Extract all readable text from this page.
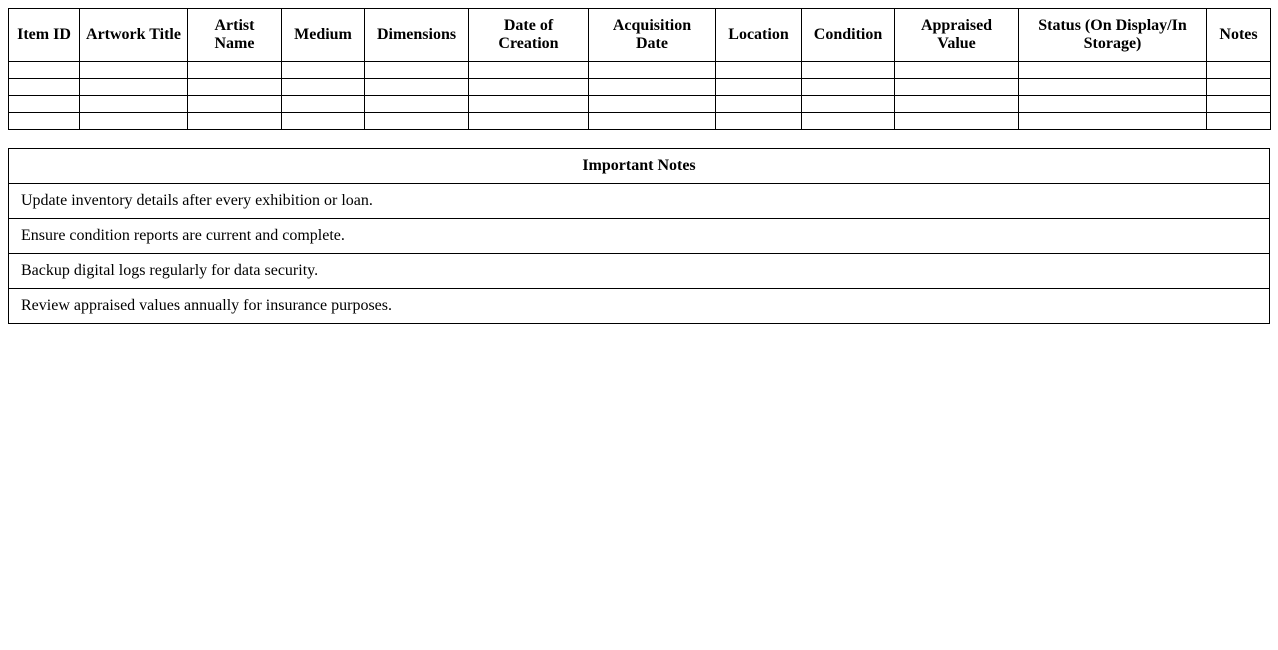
Item ID	Artwork Title	Artist Name	Medium	Dimensions	Date of Creation	Acquisition Date	Location	Condition	Appraised Value	Status (On Display/In Storage)	Notes

Important Notes
Update inventory details after every exhibition or loan.
Ensure condition reports are current and complete.
Backup digital logs regularly for data security.
Review appraised values annually for insurance purposes.
